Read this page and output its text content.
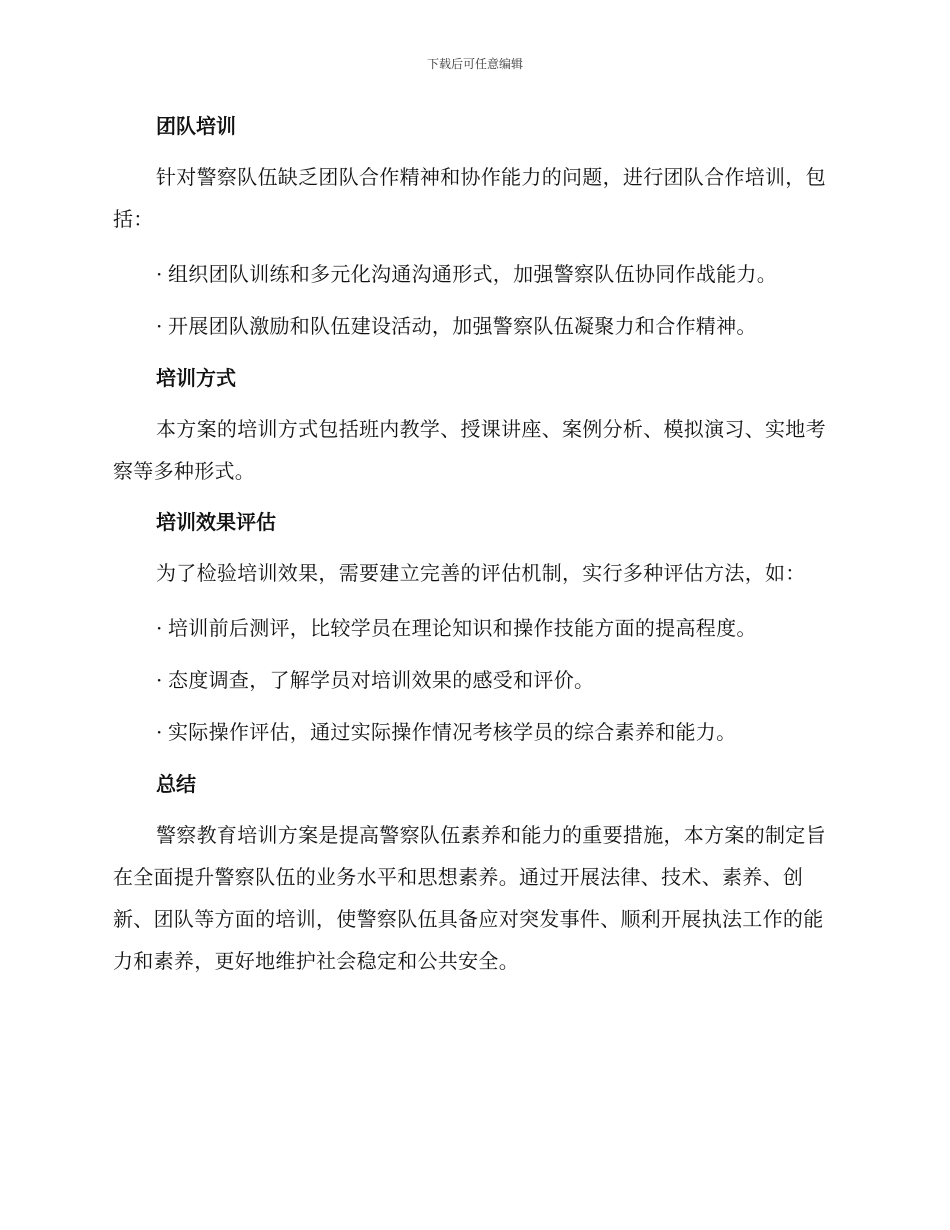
下载后可任意编辑
团队培训

针对警察队伍缺乏团队合作精神和协作能力的问题，进行团队合作培训，包括：

· 组织团队训练和多元化沟通沟通形式，加强警察队伍协同作战能力。

· 开展团队激励和队伍建设活动，加强警察队伍凝聚力和合作精神。

培训方式

本方案的培训方式包括班内教学、授课讲座、案例分析、模拟演习、实地考察等多种形式。

培训效果评估

为了检验培训效果，需要建立完善的评估机制，实行多种评估方法，如：

· 培训前后测评，比较学员在理论知识和操作技能方面的提高程度。

· 态度调查，了解学员对培训效果的感受和评价。

· 实际操作评估，通过实际操作情况考核学员的综合素养和能力。

总结

警察教育培训方案是提高警察队伍素养和能力的重要措施，本方案的制定旨在全面提升警察队伍的业务水平和思想素养。通过开展法律、技术、素养、创新、团队等方面的培训，使警察队伍具备应对突发事件、顺利开展执法工作的能力和素养，更好地维护社会稳定和公共安全。
